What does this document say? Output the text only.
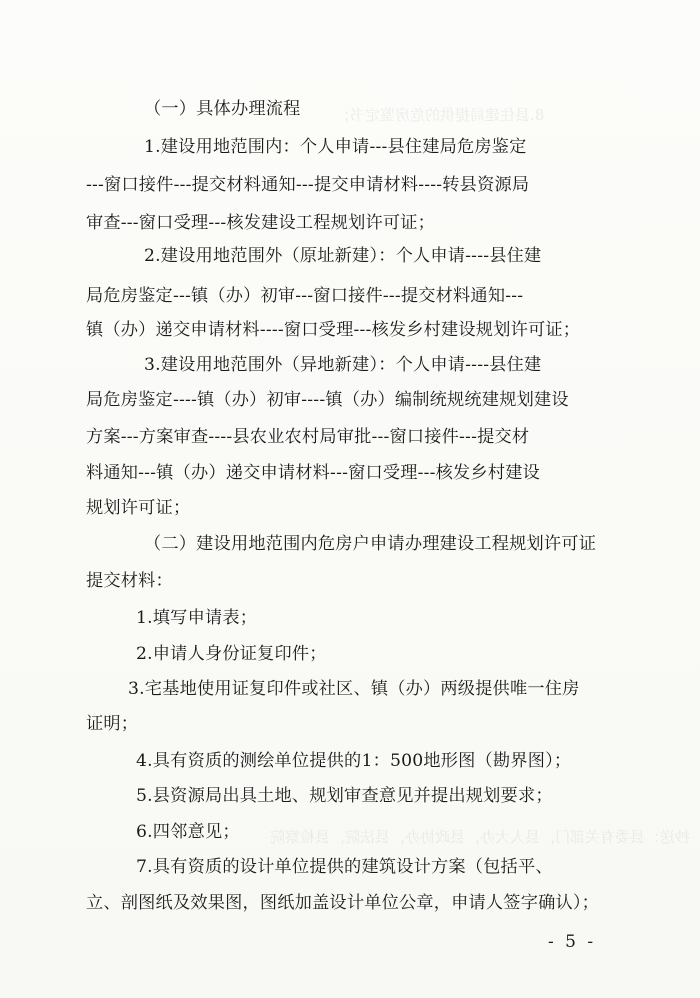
8.县住建局提供的危房鉴定书；
抄送：县委有关部门，县人大办，县政协办，县法院，县检察院
（一）具体办理流程
1.建设用地范围内：个人申请---县住建局危房鉴定
---窗口接件---提交材料通知---提交申请材料----转县资源局
审查---窗口受理---核发建设工程规划许可证；
2.建设用地范围外（原址新建）：个人申请----县住建
局危房鉴定---镇（办）初审---窗口接件---提交材料通知---
镇（办）递交申请材料----窗口受理---核发乡村建设规划许可证；
3.建设用地范围外（异地新建）：个人申请----县住建
局危房鉴定----镇（办）初审----镇（办）编制统规统建规划建设
方案---方案审查----县农业农村局审批---窗口接件---提交材
料通知---镇（办）递交申请材料---窗口受理---核发乡村建设
规划许可证；
（二）建设用地范围内危房户申请办理建设工程规划许可证
提交材料：
1.填写申请表；
2.申请人身份证复印件；
3.宅基地使用证复印件或社区、镇（办）两级提供唯一住房
证明；
4.具有资质的测绘单位提供的1：500地形图（勘界图）；
5.县资源局出具土地、规划审查意见并提出规划要求；
6.四邻意见；
7.具有资质的设计单位提供的建筑设计方案（包括平、
立、剖图纸及效果图，图纸加盖设计单位公章，申请人签字确认）；
- 5 -
